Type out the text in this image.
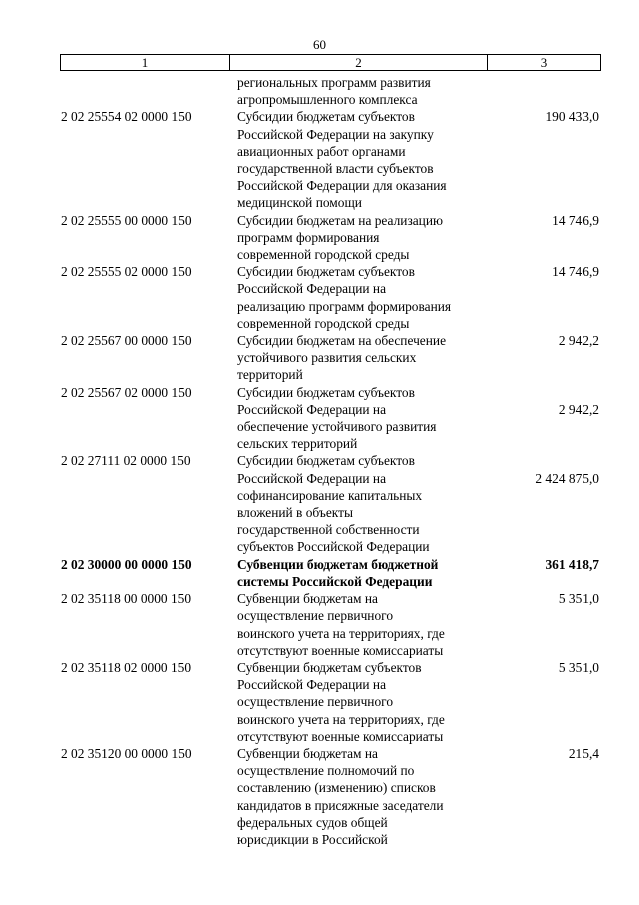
60
1	2	3
региональных программ развития
агропромышленного комплекса
2 02 25554 02 0000 150	Субсидии бюджетам субъектов
Российской Федерации на закупку
авиационных работ органами
государственной власти субъектов
Российской Федерации для оказания
медицинской помощи
190 433,0
2 02 25555 00 0000 150	Субсидии бюджетам на реализацию
программ формирования
современной городской среды
14 746,9
2 02 25555 02 0000 150	Субсидии бюджетам субъектов
Российской Федерации на
реализацию программ формирования
современной городской среды
14 746,9
2 02 25567 00 0000 150	Субсидии бюджетам на обеспечение
устойчивого развития сельских
территорий
2 942,2
2 02 25567 02 0000 150	Субсидии бюджетам субъектов
Российской Федерации на
обеспечение устойчивого развития
сельских территорий
2 942,2
2 02 27111 02 0000 150	Субсидии бюджетам субъектов
Российской Федерации на
софинансирование капитальных
вложений в объекты
государственной собственности
субъектов Российской Федерации
2 424 875,0
2 02 30000 00 0000 150	Субвенции бюджетам бюджетной
системы Российской Федерации
361 418,7
2 02 35118 00 0000 150	Субвенции бюджетам на
осуществление первичного
воинского учета на территориях, где
отсутствуют военные комиссариаты
5 351,0
2 02 35118 02 0000 150	Субвенции бюджетам субъектов
Российской Федерации на
осуществление первичного
воинского учета на территориях, где
отсутствуют военные комиссариаты
5 351,0
2 02 35120 00 0000 150	Субвенции бюджетам на
осуществление полномочий по
составлению (изменению) списков
кандидатов в присяжные заседатели
федеральных судов общей
юрисдикции в Российской
215,4
